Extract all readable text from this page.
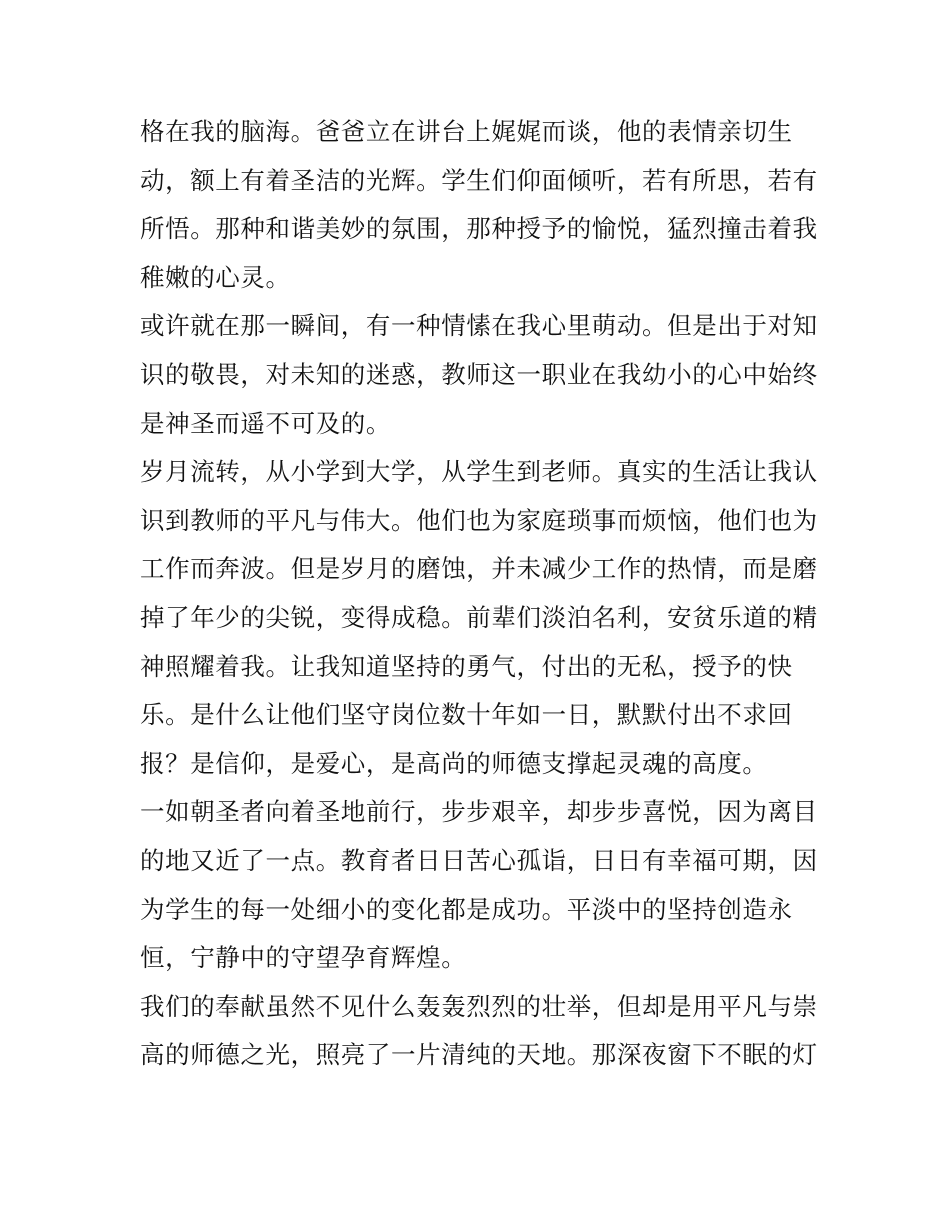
格在我的脑海。爸爸立在讲台上娓娓而谈，他的表情亲切生
动，额上有着圣洁的光辉。学生们仰面倾听，若有所思，若有
所悟。那种和谐美妙的氛围，那种授予的愉悦，猛烈撞击着我
稚嫩的心灵。
或许就在那一瞬间，有一种情愫在我心里萌动。但是出于对知
识的敬畏，对未知的迷惑，教师这一职业在我幼小的心中始终
是神圣而遥不可及的。
岁月流转，从小学到大学，从学生到老师。真实的生活让我认
识到教师的平凡与伟大。他们也为家庭琐事而烦恼，他们也为
工作而奔波。但是岁月的磨蚀，并未减少工作的热情，而是磨
掉了年少的尖锐，变得成稳。前辈们淡泊名利，安贫乐道的精
神照耀着我。让我知道坚持的勇气，付出的无私，授予的快
乐。是什么让他们坚守岗位数十年如一日，默默付出不求回
报？是信仰，是爱心，是高尚的师德支撑起灵魂的高度。
一如朝圣者向着圣地前行，步步艰辛，却步步喜悦，因为离目
的地又近了一点。教育者日日苦心孤诣，日日有幸福可期，因
为学生的每一处细小的变化都是成功。平淡中的坚持创造永
恒，宁静中的守望孕育辉煌。
我们的奉献虽然不见什么轰轰烈烈的壮举，但却是用平凡与崇
高的师德之光，照亮了一片清纯的天地。那深夜窗下不眠的灯
